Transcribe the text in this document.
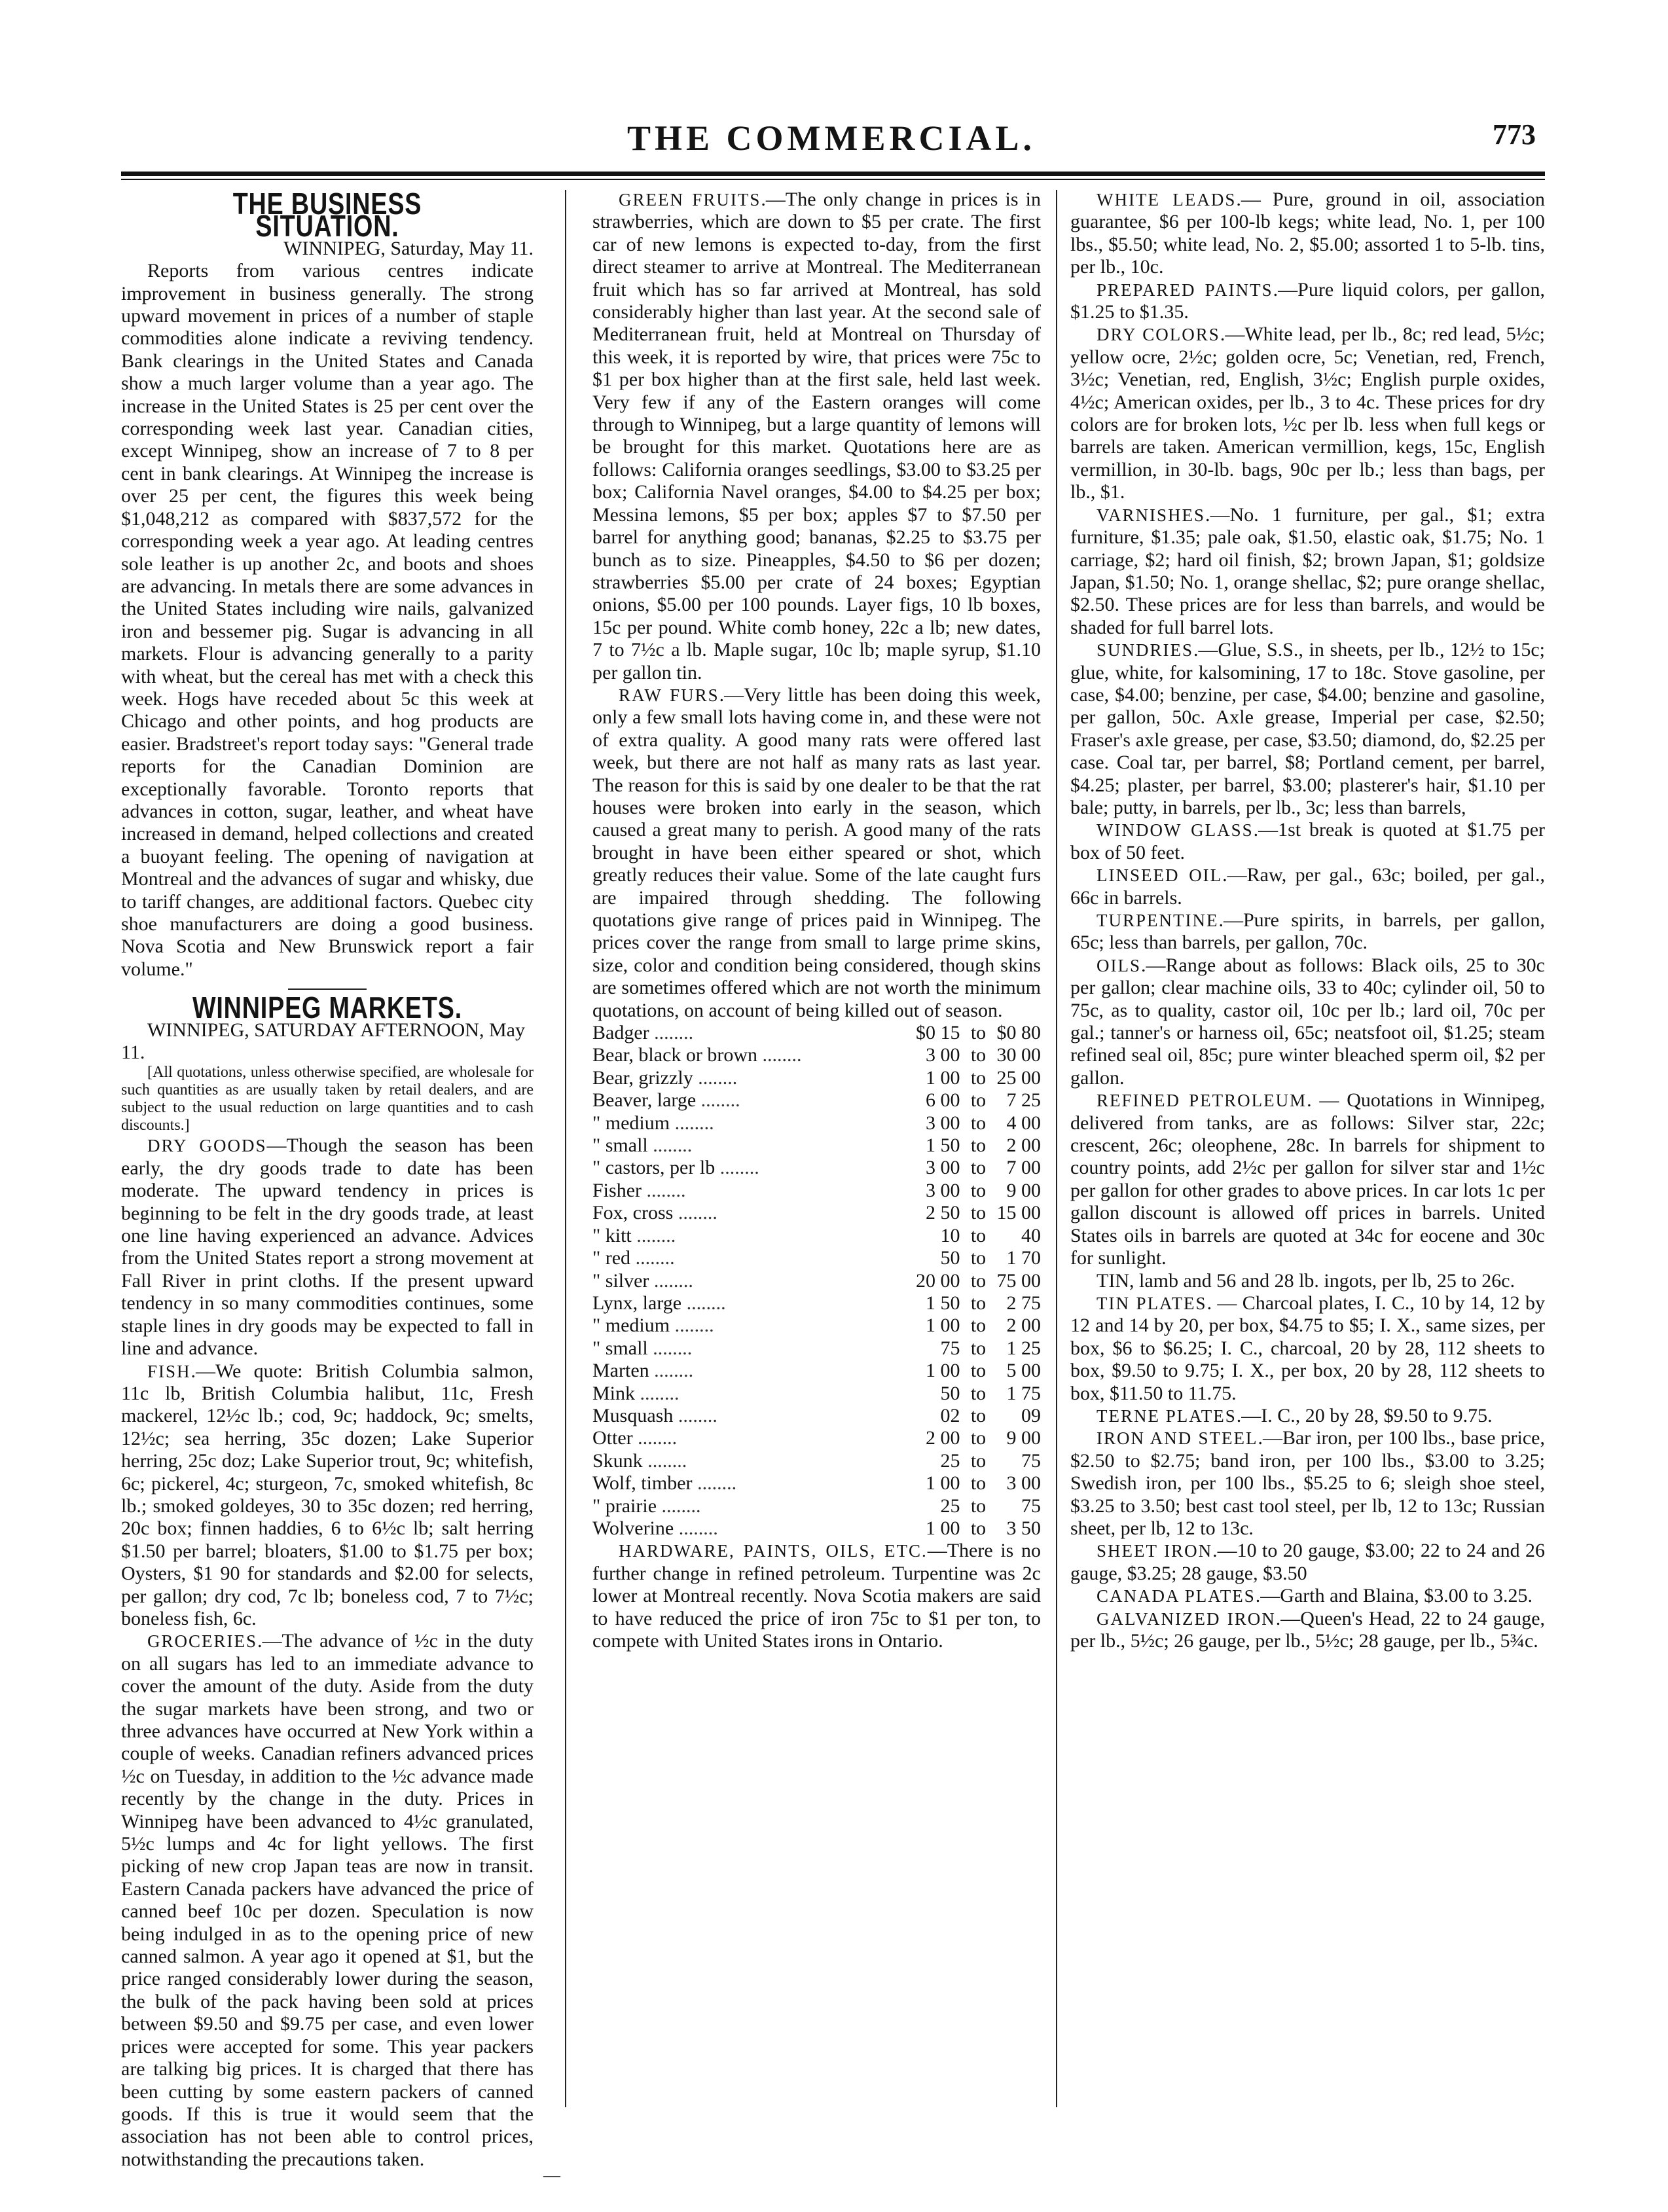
THE COMMERCIAL.	773
THE BUSINESS SITUATION.

WINNIPEG, Saturday, May 11.

Reports from various centres indicate improvement in business generally. The strong upward movement in prices of a number of staple commodities alone indicate a reviving tendency. Bank clearings in the United States and Canada show a much larger volume than a year ago. The increase in the United States is 25 per cent over the corresponding week last year. Canadian cities, except Winnipeg, show an increase of 7 to 8 per cent in bank clearings. At Winnipeg the increase is over 25 per cent, the figures this week being $1,048,212 as compared with $837,572 for the corresponding week a year ago. At leading centres sole leather is up another 2c, and boots and shoes are advancing. In metals there are some advances in the United States including wire nails, galvanized iron and bessemer pig. Sugar is advancing in all markets. Flour is advancing generally to a parity with wheat, but the cereal has met with a check this week. Hogs have receded about 5c this week at Chicago and other points, and hog products are easier. Bradstreet's report today says: "General trade reports for the Canadian Dominion are exceptionally favorable. Toronto reports that advances in cotton, sugar, leather, and wheat have increased in demand, helped collections and created a buoyant feeling. The opening of navigation at Montreal and the advances of sugar and whisky, due to tariff changes, are additional factors. Quebec city shoe manufacturers are doing a good business. Nova Scotia and New Brunswick report a fair volume."

WINNIPEG MARKETS.

WINNIPEG, SATURDAY AFTERNOON, May 11.

[All quotations, unless otherwise specified, are wholesale for such quantities as are usually taken by retail dealers, and are subject to the usual reduction on large quantities and to cash discounts.]

DRY GOODS—Though the season has been early, the dry goods trade to date has been moderate. The upward tendency in prices is beginning to be felt in the dry goods trade, at least one line having experienced an advance. Advices from the United States report a strong movement at Fall River in print cloths. If the present upward tendency in so many commodities continues, some staple lines in dry goods may be expected to fall in line and advance.

FISH.—We quote: British Columbia salmon, 11c lb, British Columbia halibut, 11c, Fresh mackerel, 12½c lb.; cod, 9c; haddock, 9c; smelts, 12½c; sea herring, 35c dozen; Lake Superior herring, 25c doz; Lake Superior trout, 9c; whitefish, 6c; pickerel, 4c; sturgeon, 7c, smoked whitefish, 8c lb.; smoked goldeyes, 30 to 35c dozen; red herring, 20c box; finnen haddies, 6 to 6½c lb; salt herring $1.50 per barrel; bloaters, $1.00 to $1.75 per box; Oysters, $1 90 for standards and $2.00 for selects, per gallon; dry cod, 7c lb; boneless cod, 7 to 7½c; boneless fish, 6c.

GROCERIES.—The advance of ½c in the duty on all sugars has led to an immediate advance to cover the amount of the duty. Aside from the duty the sugar markets have been strong, and two or three advances have occurred at New York within a couple of weeks. Canadian refiners advanced prices ½c on Tuesday, in addition to the ½c advance made recently by the change in the duty. Prices in Winnipeg have been advanced to 4½c granulated, 5½c lumps and 4c for light yellows. The first picking of new crop Japan teas are now in transit. Eastern Canada packers have advanced the price of canned beef 10c per dozen. Speculation is now being indulged in as to the opening price of new canned salmon. A year ago it opened at $1, but the price ranged considerably lower during the season, the bulk of the pack having been sold at prices between $9.50 and $9.75 per case, and even lower prices were accepted for some. This year packers are talking big prices. It is charged that there has been cutting by some eastern packers of canned goods. If this is true it would seem that the association has not been able to control prices, notwithstanding the precautions taken.

GREEN FRUITS.—The only change in prices is in strawberries, which are down to $5 per crate. The first car of new lemons is expected to-day, from the first direct steamer to arrive at Montreal. The Mediterranean fruit which has so far arrived at Montreal, has sold considerably higher than last year. At the second sale of Mediterranean fruit, held at Montreal on Thursday of this week, it is reported by wire, that prices were 75c to $1 per box higher than at the first sale, held last week. Very few if any of the Eastern oranges will come through to Winnipeg, but a large quantity of lemons will be brought for this market. Quotations here are as follows: California oranges seedlings, $3.00 to $3.25 per box; California Navel oranges, $4.00 to $4.25 per box; Messina lemons, $5 per box; apples $7 to $7.50 per barrel for anything good; bananas, $2.25 to $3.75 per bunch as to size. Pineapples, $4.50 to $6 per dozen; strawberries $5.00 per crate of 24 boxes; Egyptian onions, $5.00 per 100 pounds. Layer figs, 10 lb boxes, 15c per pound. White comb honey, 22c a lb; new dates, 7 to 7½c a lb. Maple sugar, 10c lb; maple syrup, $1.10 per gallon tin.

RAW FURS.—Very little has been doing this week, only a few small lots having come in, and these were not of extra quality. A good many rats were offered last week, but there are not half as many rats as last year. The reason for this is said by one dealer to be that the rat houses were broken into early in the season, which caused a great many to perish. A good many of the rats brought in have been either speared or shot, which greatly reduces their value. Some of the late caught furs are impaired through shedding. The following quotations give range of prices paid in Winnipeg. The prices cover the range from small to large prime skins, size, color and condition being considered, though skins are sometimes offered which are not worth the minimum quotations, on account of being killed out of season.

Badger ........	$0 15	to	$0 80
Bear, black or brown ........	3 00	to	30 00
Bear, grizzly ........	1 00	to	25 00
Beaver, large ........	6 00	to	7 25
" medium ........	3 00	to	4 00
" small ........	1 50	to	2 00
" castors, per lb ........	3 00	to	7 00
Fisher ........	3 00	to	9 00
Fox, cross ........	2 50	to	15 00
" kitt ........	10	to	40
" red ........	50	to	1 70
" silver ........	20 00	to	75 00
Lynx, large ........	1 50	to	2 75
" medium ........	1 00	to	2 00
" small ........	75	to	1 25
Marten ........	1 00	to	5 00
Mink ........	50	to	1 75
Musquash ........	02	to	09
Otter ........	2 00	to	9 00
Skunk ........	25	to	75
Wolf, timber ........	1 00	to	3 00
" prairie ........	25	to	75
Wolverine ........	1 00	to	3 50

HARDWARE, PAINTS, OILS, ETC.—There is no further change in refined petroleum. Turpentine was 2c lower at Montreal recently. Nova Scotia makers are said to have reduced the price of iron 75c to $1 per ton, to compete with United States irons in Ontario.

WHITE LEADS.— Pure, ground in oil, association guarantee, $6 per 100-lb kegs; white lead, No. 1, per 100 lbs., $5.50; white lead, No. 2, $5.00; assorted 1 to 5-lb. tins, per lb., 10c.

PREPARED PAINTS.—Pure liquid colors, per gallon, $1.25 to $1.35.

DRY COLORS.—White lead, per lb., 8c; red lead, 5½c; yellow ocre, 2½c; golden ocre, 5c; Venetian, red, French, 3½c; Venetian, red, English, 3½c; English purple oxides, 4½c; American oxides, per lb., 3 to 4c. These prices for dry colors are for broken lots, ½c per lb. less when full kegs or barrels are taken. American vermillion, kegs, 15c, English vermillion, in 30-lb. bags, 90c per lb.; less than bags, per lb., $1.

VARNISHES.—No. 1 furniture, per gal., $1; extra furniture, $1.35; pale oak, $1.50, elastic oak, $1.75; No. 1 carriage, $2; hard oil finish, $2; brown Japan, $1; goldsize Japan, $1.50; No. 1, orange shellac, $2; pure orange shellac, $2.50. These prices are for less than barrels, and would be shaded for full barrel lots.

SUNDRIES.—Glue, S.S., in sheets, per lb., 12½ to 15c; glue, white, for kalsomining, 17 to 18c. Stove gasoline, per case, $4.00; benzine, per case, $4.00; benzine and gasoline, per gallon, 50c. Axle grease, Imperial per case, $2.50; Fraser's axle grease, per case, $3.50; diamond, do, $2.25 per case. Coal tar, per barrel, $8; Portland cement, per barrel, $4.25; plaster, per barrel, $3.00; plasterer's hair, $1.10 per bale; putty, in barrels, per lb., 3c; less than barrels,

WINDOW GLASS.—1st break is quoted at $1.75 per box of 50 feet.

LINSEED OIL.—Raw, per gal., 63c; boiled, per gal., 66c in barrels.

TURPENTINE.—Pure spirits, in barrels, per gallon, 65c; less than barrels, per gallon, 70c.

OILS.—Range about as follows: Black oils, 25 to 30c per gallon; clear machine oils, 33 to 40c; cylinder oil, 50 to 75c, as to quality, castor oil, 10c per lb.; lard oil, 70c per gal.; tanner's or harness oil, 65c; neatsfoot oil, $1.25; steam refined seal oil, 85c; pure winter bleached sperm oil, $2 per gallon.

REFINED PETROLEUM. — Quotations in Winnipeg, delivered from tanks, are as follows: Silver star, 22c; crescent, 26c; oleophene, 28c. In barrels for shipment to country points, add 2½c per gallon for silver star and 1½c per gallon for other grades to above prices. In car lots 1c per gallon discount is allowed off prices in barrels. United States oils in barrels are quoted at 34c for eocene and 30c for sunlight.

TIN, lamb and 56 and 28 lb. ingots, per lb, 25 to 26c.

TIN PLATES. — Charcoal plates, I. C., 10 by 14, 12 by 12 and 14 by 20, per box, $4.75 to $5; I. X., same sizes, per box, $6 to $6.25; I. C., charcoal, 20 by 28, 112 sheets to box, $9.50 to 9.75; I. X., per box, 20 by 28, 112 sheets to box, $11.50 to 11.75.

TERNE PLATES.—I. C., 20 by 28, $9.50 to 9.75.

IRON AND STEEL.—Bar iron, per 100 lbs., base price, $2.50 to $2.75; band iron, per 100 lbs., $3.00 to 3.25; Swedish iron, per 100 lbs., $5.25 to 6; sleigh shoe steel, $3.25 to 3.50; best cast tool steel, per lb, 12 to 13c; Russian sheet, per lb, 12 to 13c.

SHEET IRON.—10 to 20 gauge, $3.00; 22 to 24 and 26 gauge, $3.25; 28 gauge, $3.50

CANADA PLATES.—Garth and Blaina, $3.00 to 3.25.

GALVANIZED IRON.—Queen's Head, 22 to 24 gauge, per lb., 5½c; 26 gauge, per lb., 5½c; 28 gauge, per lb., 5¾c.

—
